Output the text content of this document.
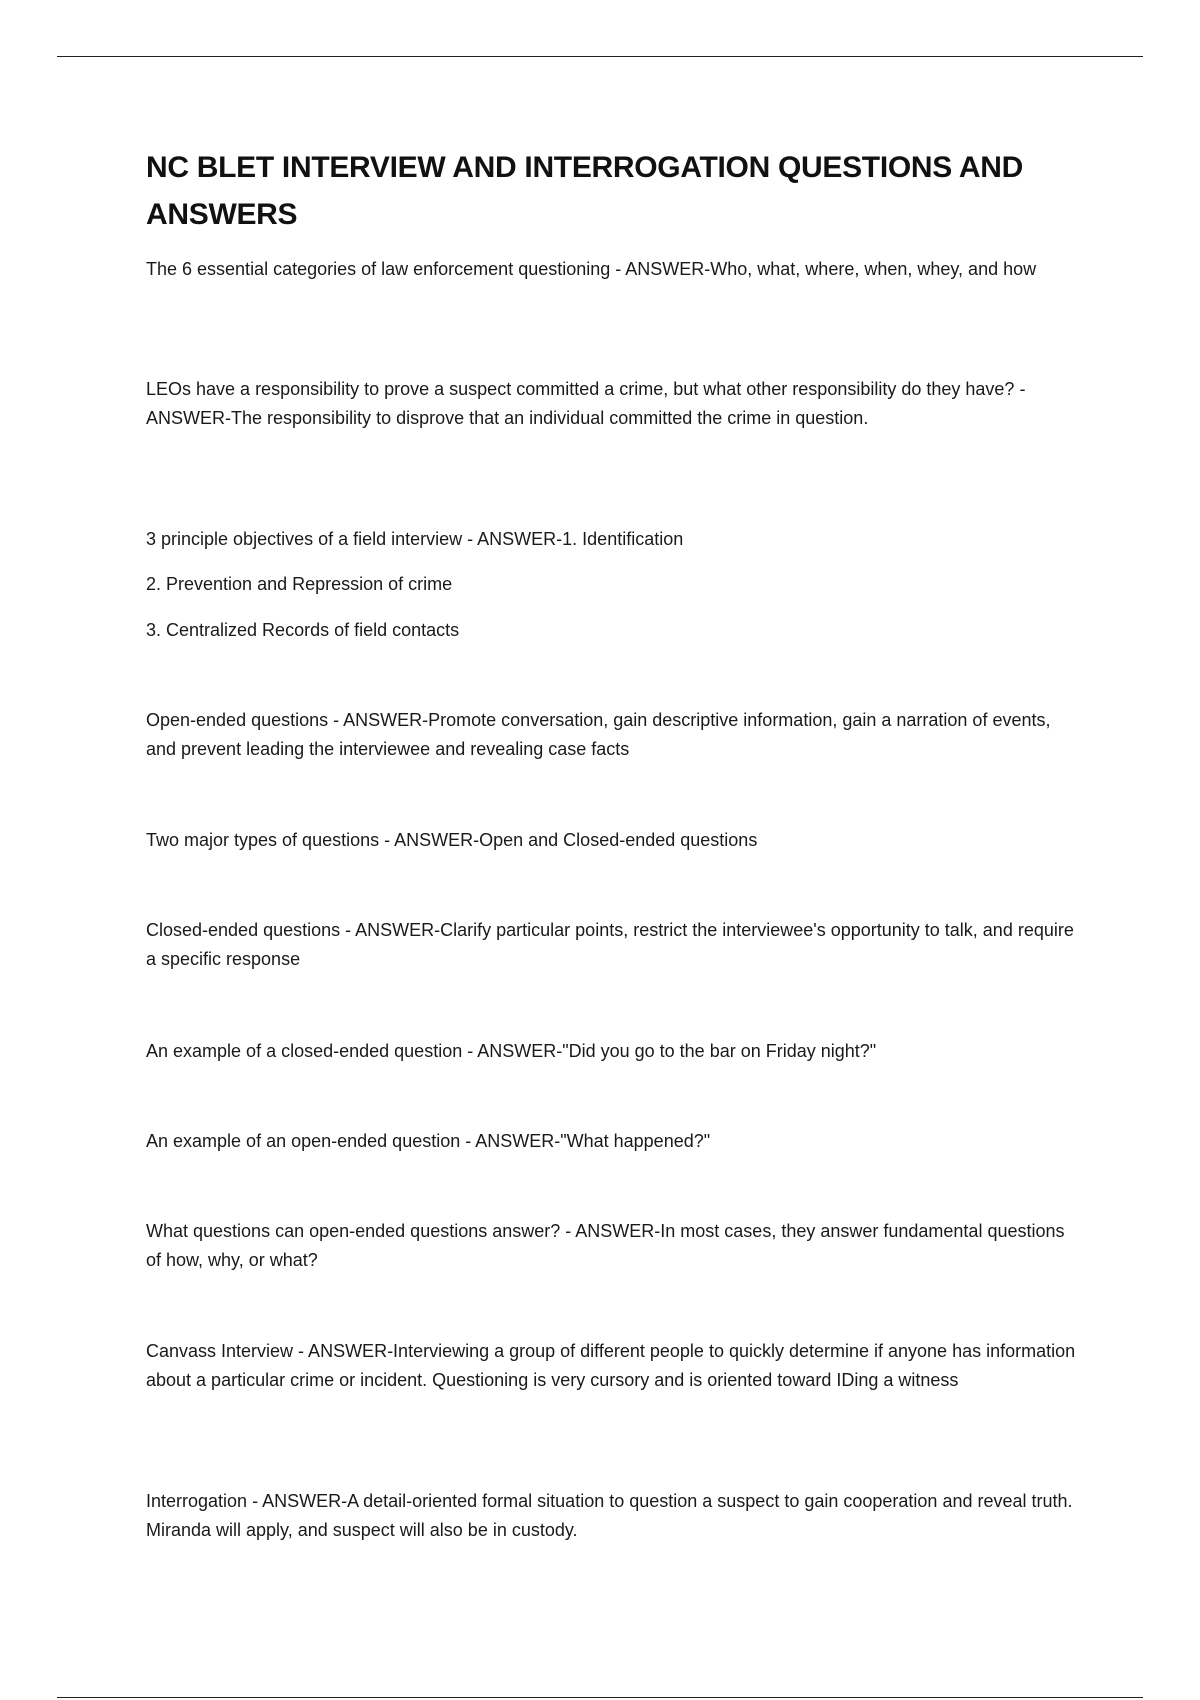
NC BLET INTERVIEW AND INTERROGATION QUESTIONS AND ANSWERS

The 6 essential categories of law enforcement questioning - ANSWER-Who, what, where, when, whey, and how

LEOs have a responsibility to prove a suspect committed a crime, but what other responsibility do they have? - ANSWER-The responsibility to disprove that an individual committed the crime in question.

3 principle objectives of a field interview - ANSWER-1. Identification

2. Prevention and Repression of crime

3. Centralized Records of field contacts

Open-ended questions - ANSWER-Promote conversation, gain descriptive information, gain a narration of events, and prevent leading the interviewee and revealing case facts

Two major types of questions - ANSWER-Open and Closed-ended questions

Closed-ended questions - ANSWER-Clarify particular points, restrict the interviewee's opportunity to talk, and require a specific response

An example of a closed-ended question - ANSWER-"Did you go to the bar on Friday night?"

An example of an open-ended question - ANSWER-"What happened?"

What questions can open-ended questions answer? - ANSWER-In most cases, they answer fundamental questions of how, why, or what?

Canvass Interview - ANSWER-Interviewing a group of different people to quickly determine if anyone has information about a particular crime or incident. Questioning is very cursory and is oriented toward IDing a witness

Interrogation - ANSWER-A detail-oriented formal situation to question a suspect to gain cooperation and reveal truth. Miranda will apply, and suspect will also be in custody.
